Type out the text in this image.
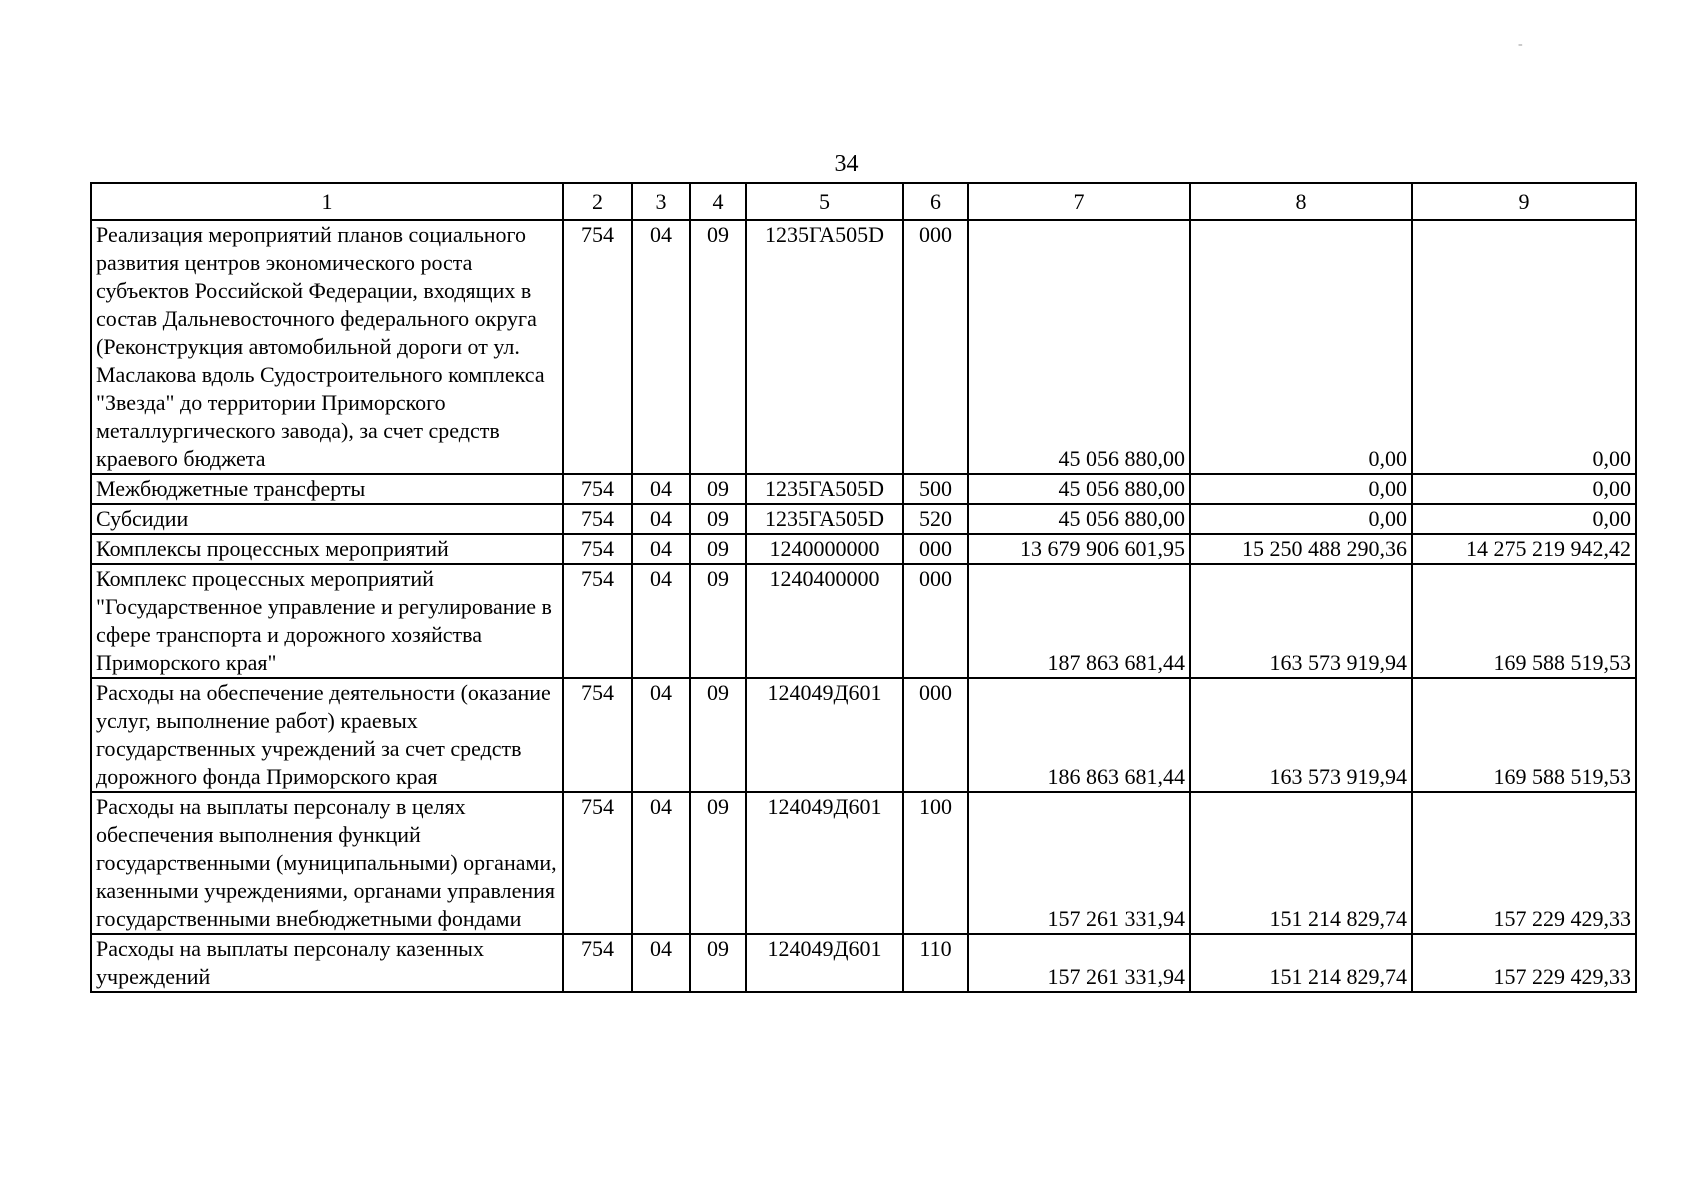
34
1	2	3	4	5	6	7	8	9
Реализация мероприятий планов социального развития центров экономического роста субъектов Российской Федерации, входящих в состав Дальневосточного федерального округа (Реконструкция автомобильной дороги от ул. Маслакова вдоль Судостроительного комплекса "Звезда" до территории Приморского металлургического завода), за счет средств краевого бюджета	754	04	09	1235ГА505D	000	45 056 880,00	0,00	0,00
Межбюджетные трансферты	754	04	09	1235ГА505D	500	45 056 880,00	0,00	0,00
Субсидии	754	04	09	1235ГА505D	520	45 056 880,00	0,00	0,00
Комплексы процессных мероприятий	754	04	09	1240000000	000	13 679 906 601,95	15 250 488 290,36	14 275 219 942,42
Комплекс процессных мероприятий "Государственное управление и регулирование в сфере транспорта и дорожного хозяйства Приморского края"	754	04	09	1240400000	000	187 863 681,44	163 573 919,94	169 588 519,53
Расходы на обеспечение деятельности (оказание услуг, выполнение работ) краевых государственных учреждений за счет средств дорожного фонда Приморского края	754	04	09	124049Д601	000	186 863 681,44	163 573 919,94	169 588 519,53
Расходы на выплаты персоналу в целях обеспечения выполнения функций государственными (муниципальными) органами, казенными учреждениями, органами управления государственными внебюджетными фондами	754	04	09	124049Д601	100	157 261 331,94	151 214 829,74	157 229 429,33
Расходы на выплаты персоналу казенных учреждений	754	04	09	124049Д601	110	157 261 331,94	151 214 829,74	157 229 429,33
‐
